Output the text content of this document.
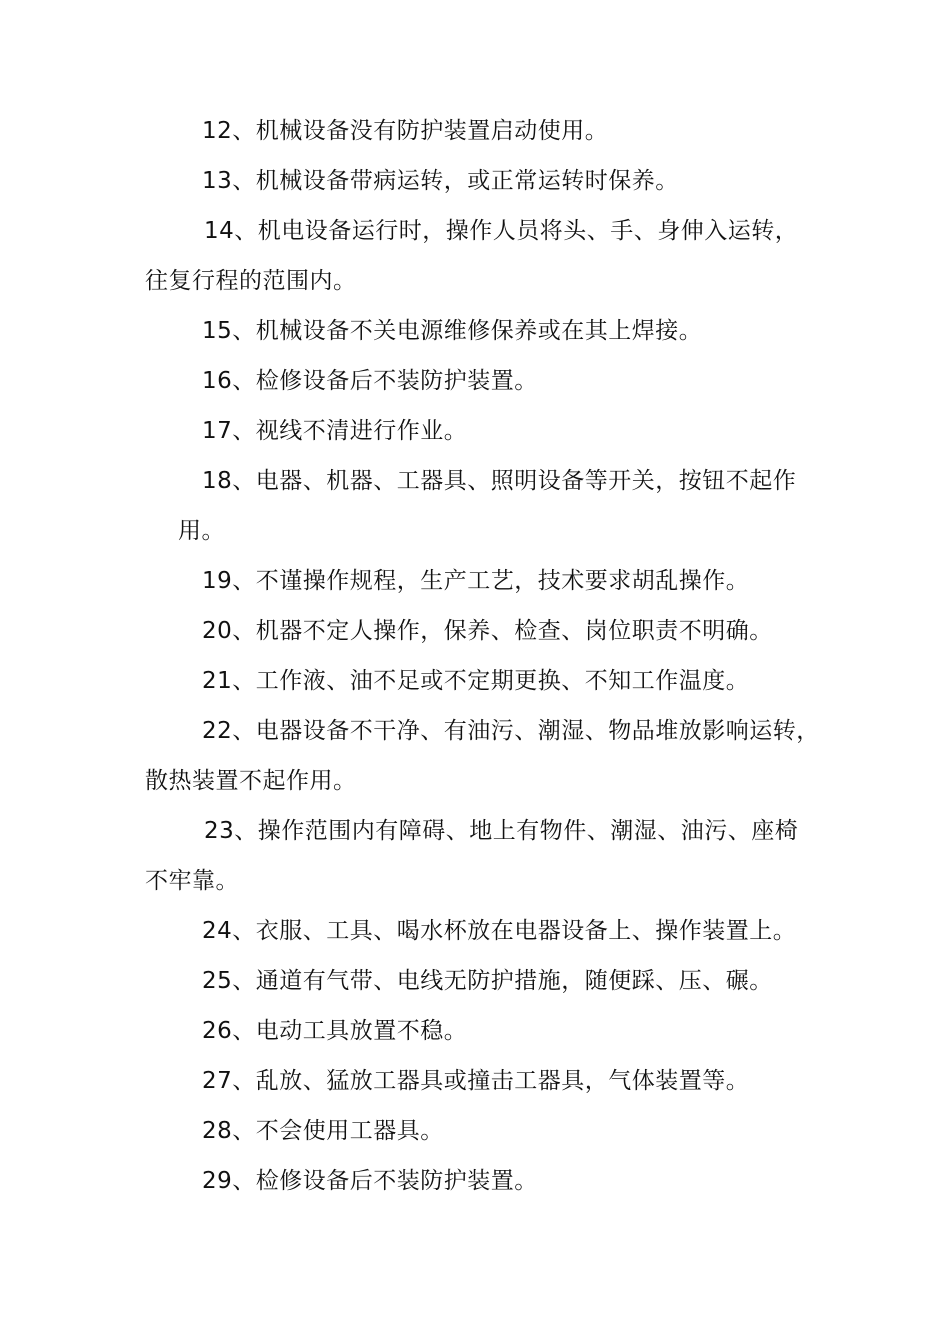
12、机械设备没有防护装置启动使用。
13、机械设备带病运转，或正常运转时保养。
14、机电设备运行时，操作人员将头、手、身伸入运转，
往复行程的范围内。
15、机械设备不关电源维修保养或在其上焊接。
16、检修设备后不装防护装置。
17、视线不清进行作业。
18、电器、机器、工器具、照明设备等开关，按钮不起作
用。
19、不谨操作规程，生产工艺，技术要求胡乱操作。
20、机器不定人操作，保养、检查、岗位职责不明确。
21、工作液、油不足或不定期更换、不知工作温度。
22、电器设备不干净、有油污、潮湿、物品堆放影响运转，
散热装置不起作用。
23、操作范围内有障碍、地上有物件、潮湿、油污、座椅
不牢靠。
24、衣服、工具、喝水杯放在电器设备上、操作装置上。
25、通道有气带、电线无防护措施，随便踩、压、碾。
26、电动工具放置不稳。
27、乱放、猛放工器具或撞击工器具，气体装置等。
28、不会使用工器具。
29、检修设备后不装防护装置。
